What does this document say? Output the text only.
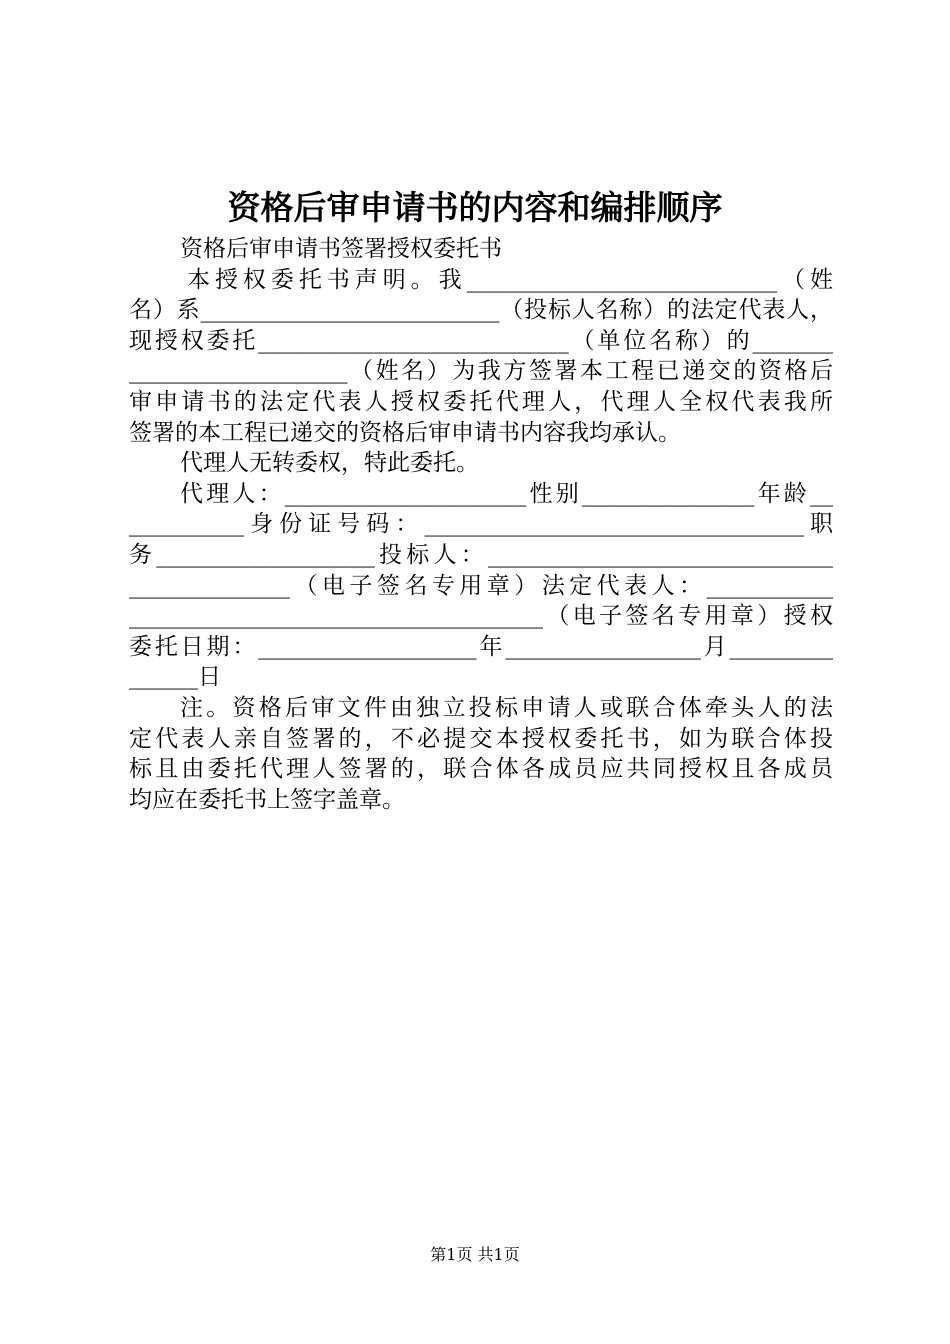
资格后审申请书的内容和编排顺序
资格后审申请书签署授权委托书
本授权委托书声明。我___________________________（姓
名）系__________________________（投标人名称）的法定代表人，
现授权委托___________________________（单位名称）的_______
___________________（姓名）为我方签署本工程已递交的资格后
审申请书的法定代表人授权委托代理人，代理人全权代表我所
签署的本工程已递交的资格后审申请书内容我均承认。
代理人无转委权，特此委托。
代理人：_____________________性别_______________年龄__
__________身份证号码：_________________________________职
务___________________投标人：______________________________
______________（电子签名专用章）法定代表人：___________
____________________________________（电子签名专用章）授权
委托日期：___________________年_________________月_________
______日
注。资格后审文件由独立投标申请人或联合体牵头人的法
定代表人亲自签署的，不必提交本授权委托书，如为联合体投
标且由委托代理人签署的，联合体各成员应共同授权且各成员
均应在委托书上签字盖章。
第1页 共1页
